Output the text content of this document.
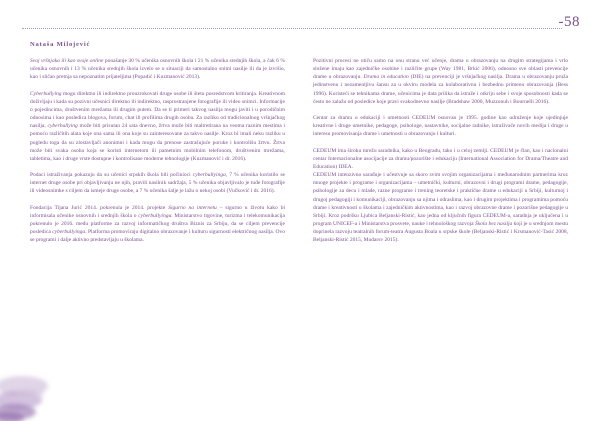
-58
Nataša Milojević

Svoj vršnjaka ili kao svoje online ponašanje 30 % učenika osnovnih škola i 21 % učenika srednjih škola, a čak 6 % učenika osnovnih i 13 % učenika srednjih škola izvelo se u situaciji da samostalno snimi nasilje ili da je izvršio, kao i sličan pretnja sa nepoznatim prijateljima (Popadić i Kuzmanović 2013).

Cyberbullying mogu direktno ili indirektno prouzrokovati druge osobe ili štetu posredstvom kritiranja. Kreativnom doživljaju i kada su pozivni učesnici direktno ili indirektno, rasprostranjene fotografije ili video snimci. Informacije o pojedincima, društvenim mrežama ili drugim putem. Da se ti primeri takvog nasilja mogu javiti i u porodičnim odnosima i kao posledica blogova, forum, chat ili profilima drugih osoba. Za razliku od tradicionalnog vršnjačkog nasilja, cyberbullying može biti prisutan 24 sata dnevno, žrtva može biti maltretirana na veoma raznim mestima i pomoću različitih alata koje ona sama ili ona koje su zainteresovane za takvo nasilje. Kroz bi imali neku razliku u pogledu toga da su zlostavljači anonimni i kada mogu da prenose zastrašujuće poruke i kontrolišu žrtvu. Žrtva može biti svaka osoba koja se koristi internetom ili pametnim mobilnim telefonom, društvenim mrežama, tabletima, kao i druge vrste dostupne i kontrolisane moderne tehnologije (Kuzmanović i dr. 2016).

Podaci istraživanja pokazuju da su učenici srpskih škola bili počinioci cyberbullyinga, 7 % učenika koristilo se internet druge osobe pri objavljivanju ne njih, pravili nasilnik sadržaja, 5 % učenika objavljivalo je tuđe fotografije ili videosnimke s ciljem da ismeje druge osobe, a 7 % učenika šalje je lažu o nekoj osobi (Vučković i dr. 2016).

Fondacija Tijana Jurić 2014. pokrenula je 2014. projekte Sigurno na internetu – sigurno u životu kako bi informisala učenike osnovnih i srednjih škola o cyberbullyingu. Ministarstvo trgovine, turizma i telekomunikacija pokrenulo je 2016. među platforme za razvoj informatičkog društva Biznis za Srbiju, da se ciljem prevencije posledica cyberbullyinga. Platforma promoviraju digitalno obrazovanje i kulturu sigurnosti električnog nasilja. Ovo se programi i dalje aktivno predstavljaju u školama.

Pozitivni procesi ne utiču samo na onu stranu već učenje, drama u obrazovanju na drugim strategijama i vrlo složene imaju kao zajedničke osobine i različite grupe (Way 1981, Brkić 2006), odnosno sve oblasti prevencije drame u obrazovanju. Drama in education (DIE) na prevenciji je vršnjačkog nasilja. Drama u obrazovanju pruža jedinstvenu i nezamenljivu šansu za u okviru modela za kolaborativnu i bezbednu primenu obrazovanja (Bess 1996). Koristeći se tehnikama drame, učenicima je data prilika da istraže i otkriju sebe i svoje sposobnosti kada se često ne zalažu od posledice koje pravi svakodnevno nasilje (Bradshaw 2000, Muzzonuh i Bournelli 2016).

Centar za dramu u edukaciji i umetnosti CEDEUM osnovan je 1995. godine kao udruženje koje ujedinjuje kreativne i druge umetnike, pedagoge, psihologe, nastavnike, socijalne radnike, istraživače novih medija i druge u interesu promovisanja drame i umetnosti u obrazovanju i kulturi.

CEDEUM ima široku mrežu saradnika, kako u Beogradu, tako i u celoj zemlji. CEDEUM je član, kao i nacionalni centar Internacionalne asocijacije za dramu/pozorište i edukaciju (International Association for Drama/Theatre and Education) IDEA.
CEDEUM intenzivno sarađuje i učestvuje sa skoro svim svojim organizacijama i međunarodnim partnerima kroz mnoge projekte i programe i organizacijama – umetnički, kulturni, obrazovni i drugi programi drame, pedagogije, psihologije za decu i mlade, razne programe i trening teoretske i praktične drame u edukaciji u Srbiji, kulturnoj i drugoj pedagogiji i komunikaciji, obrazovanju sa njima i odraslima, kao i drugim projektima i programima pomoću drame i kreativnosti u školama i zajedničkim aktivnostima, kao i razvoj obrazovne drame i pozorišne pedagogije u Srbiji. Kroz podršku Ljubica Beljanski-Ristić, kao jedna od ključnih figura CEDEUM-a, saradnja je uključena i u program UNICEF-a i Ministarstva prosvete, nauke i tehnološkog razvoja Škola bez nasilja koji je u srednjom mestu doprinela razvoju teatralnih forum-teatra Augusta Boala u srpske škole (Beljanski-Ristić i Krsmanović-Tasić 2008, Beljanski-Ristić 2015, Mudarsv 2015).
